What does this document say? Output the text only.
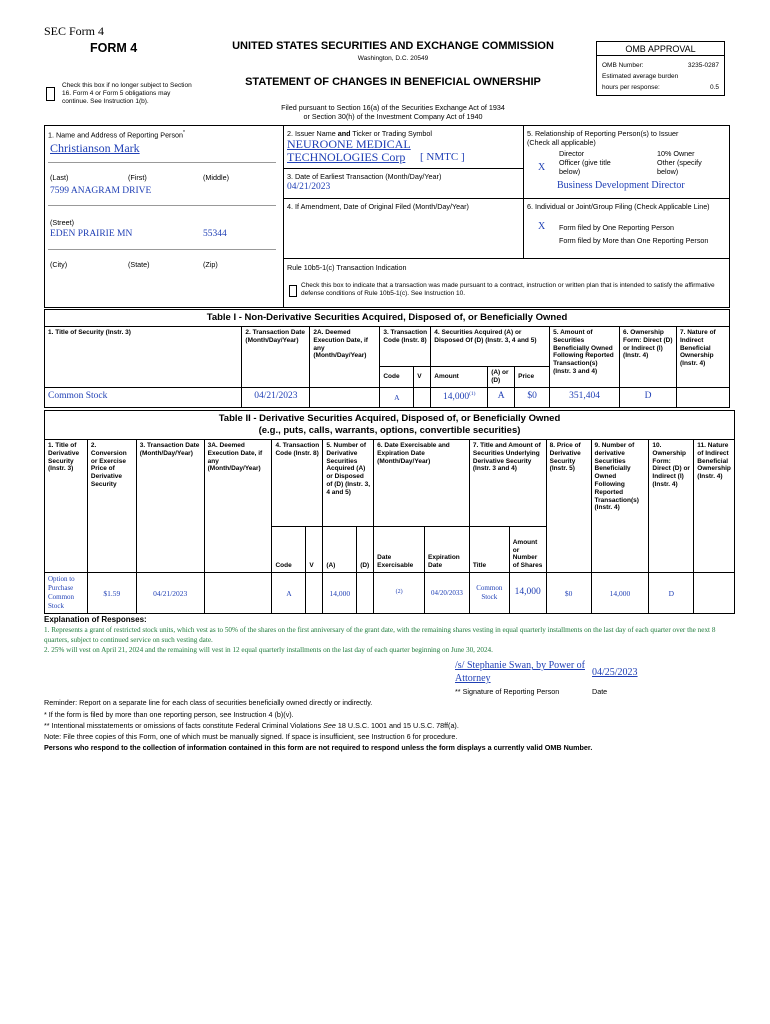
SEC Form 4
FORM 4	UNITED STATES SECURITIES AND EXCHANGE COMMISSION
Washington, D.C. 20549
STATEMENT OF CHANGES IN BENEFICIAL OWNERSHIP
Filed pursuant to Section 16(a) of the Securities Exchange Act of 1934
or Section 30(h) of the Investment Company Act of 1940
Check this box if no longer subject to Section 16. Form 4 or Form 5 obligations may continue. See Instruction 1(b).
OMB APPROVAL
OMB Number:	3235-0287
Estimated average burden
hours per response:	0.5
1. Name and Address of Reporting Person*
Christianson Mark
(Last)	(First)	(Middle)
7599 ANAGRAM DRIVE
(Street)
EDEN PRAIRIE MN	55344
(City)	(State)	(Zip)
2. Issuer Name and Ticker or Trading Symbol
NEUROONE MEDICAL
TECHNOLOGIES Corp	[ NMTC ]
3. Date of Earliest Transaction (Month/Day/Year)
04/21/2023
4. If Amendment, Date of Original Filed (Month/Day/Year)
5. Relationship of Reporting Person(s) to Issuer
(Check all applicable)
Director	10% Owner
X Officer (give title below)
Other (specify below)
Business Development Director
6. Individual or Joint/Group Filing (Check Applicable Line)
X Form filed by One Reporting Person
Form filed by More than One Reporting Person
Rule 10b5-1(c) Transaction Indication
Check this box to indicate that a transaction was made pursuant to a contract, instruction or written plan that is intended to satisfy the affirmative defense conditions of Rule 10b5-1(c). See Instruction 10.
Table I - Non-Derivative Securities Acquired, Disposed of, or Beneficially Owned										
1. Title of Security (Instr. 3)	2. Transaction Date (Month/Day/Year)	2A. Deemed Execution Date, if any (Month/Day/Year)	3. Transaction Code (Instr. 8)		4. Securities Acquired (A) or Disposed Of (D) (Instr. 3, 4 and 5)			5. Amount of Securities Beneficially Owned Following Reported Transaction(s) (Instr. 3 and 4)	6. Ownership Form: Direct (D) or Indirect (I) (Instr. 4)	7. Nature of Indirect Beneficial Ownership (Instr. 4)
			Code	V	Amount	(A) or (D)	Price			
Common Stock	04/21/2023		A		14,000$^{(1)}$	A	$0	351,404	D	
Table II - Derivative Securities Acquired, Disposed of, or Beneficially Owned
(e.g., puts, calls, warrants, options, convertible securities)															
1. Title of Derivative Security (Instr. 3)	2. Conversion or Exercise Price of Derivative Security	3. Transaction Date (Month/Day/Year)	3A. Deemed Execution Date, if any (Month/Day/Year)	4. Transaction Code (Instr. 8)		5. Number of Derivative Securities Acquired (A) or Disposed of (D) (Instr. 3, 4 and 5)		6. Date Exercisable and Expiration Date (Month/Day/Year)		7. Title and Amount of Securities Underlying Derivative Security (Instr. 3 and 4)		8. Price of Derivative Security (Instr. 5)	9. Number of derivative Securities Beneficially Owned Following Reported Transaction(s) (Instr. 4)	10. Ownership Form: Direct (D) or Indirect (I) (Instr. 4)	11. Nature of Indirect Beneficial Ownership (Instr. 4)
				Code	V	(A)	(D)	Date Exercisable	Expiration Date	Title	Amount or Number of Shares				
Option to Purchase Common Stock	$1.59	04/21/2023		A		14,000		(2)	04/20/2033	Common Stock	14,000	$0	14,000	D	
Explanation of Responses:
1. Represents a grant of restricted stock units, which vest as to 50% of the shares on the first anniversary of the grant date, with the remaining shares vesting in equal quarterly installments on the last day of each quarter over the next 8 quarters, subject to continued service on such vesting date.
2. 25% will vest on April 21, 2024 and the remaining will vest in 12 equal quarterly installments on the last day of each quarter beginning on June 30, 2024.
/s/ Stephanie Swan, by Power of Attorney
04/25/2023
** Signature of Reporting Person	Date
Reminder: Report on a separate line for each class of securities beneficially owned directly or indirectly.
* If the form is filed by more than one reporting person, see Instruction 4 (b)(v).
** Intentional misstatements or omissions of facts constitute Federal Criminal Violations See 18 U.S.C. 1001 and 15 U.S.C. 78ff(a).
Note: File three copies of this Form, one of which must be manually signed. If space is insufficient, see Instruction 6 for procedure.
Persons who respond to the collection of information contained in this form are not required to respond unless the form displays a currently valid OMB Number.
